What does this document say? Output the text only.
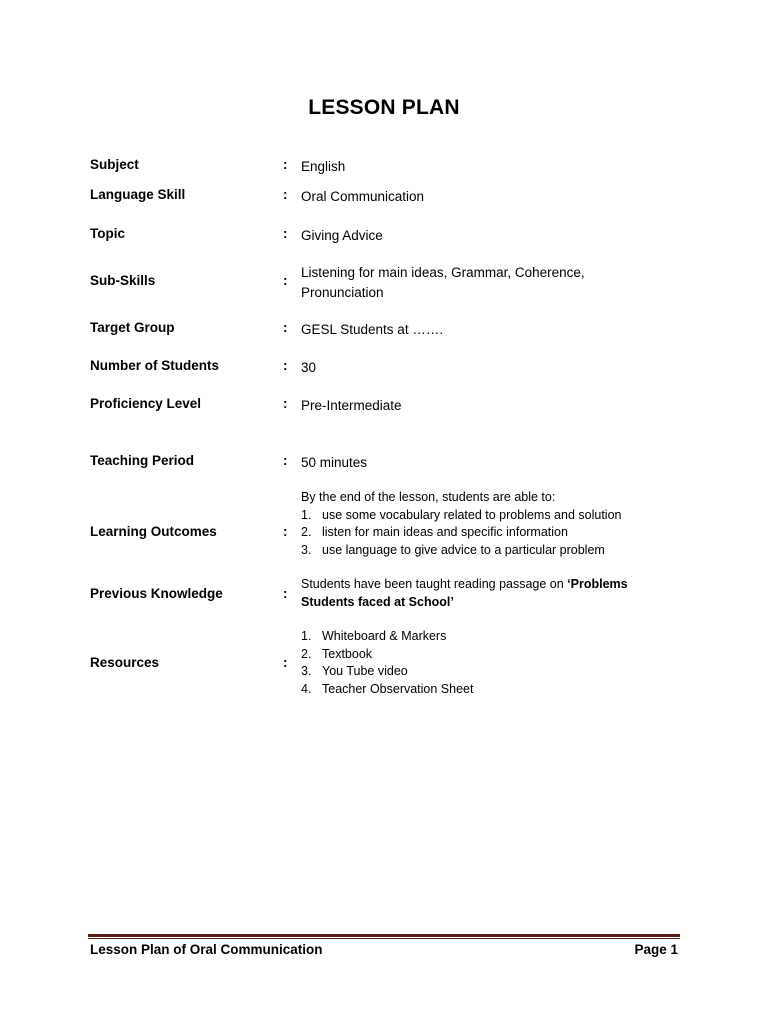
LESSON PLAN
Subject	: English
Language Skill	: Oral Communication
Topic	: Giving Advice
Sub-Skills	:
Listening for main ideas, Grammar, Coherence,
Pronunciation
Target Group	: GESL Students at …….
Number of Students	: 30
Proficiency Level	: Pre-Intermediate
Teaching Period	: 50 minutes
Learning Outcomes	:
By the end of the lesson, students are able to:
1. use some vocabulary related to problems and solution
2. listen for main ideas and specific information
3. use language to give advice to a particular problem
Previous Knowledge	:
Students have been taught reading passage on ‘Problems
Students faced at School’
Resources	:
1. Whiteboard & Markers
2. Textbook
3. You Tube video
4. Teacher Observation Sheet
Lesson Plan of Oral Communication	Page 1
